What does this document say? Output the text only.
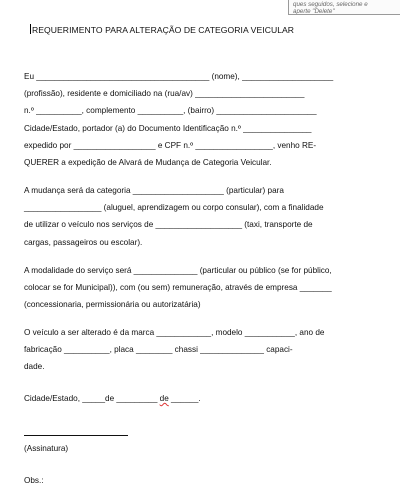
ques seguidos, selecione e
aperte "Delete"
REQUERIMENTO PARA ALTERAÇÃO DE CATEGORIA VEICULAR
Eu ______________________________________ (nome), ____________________
(profissão), residente e domiciliado na (rua/av) ________________________
n.º __________, complemento __________, (bairro) ______________________
Cidade/Estado, portador (a) do Documento Identificação n.º _______________
expedido por __________________ e CPF n.º _________________, venho RE-
QUERER a expedição de Alvará de Mudança de Categoria Veicular.
A mudança será da categoria ____________________ (particular) para
_________________ (aluguel, aprendizagem ou corpo consular), com a finalidade
de utilizar o veículo nos serviços de ___________________ (taxi, transporte de
cargas, passageiros ou escolar).
A modalidade do serviço será ______________ (particular ou público (se for público,
colocar se for Municipal)), com (ou sem) remuneração, através de empresa _______
(concessionaria, permissionária ou autorizatária)
O veículo a ser alterado é da marca ____________, modelo ___________, ano de
fabricação __________, placa ________ chassi ______________ capaci-
dade.
Cidade/Estado, _____de _________ de ______.
(Assinatura)
Obs.:
